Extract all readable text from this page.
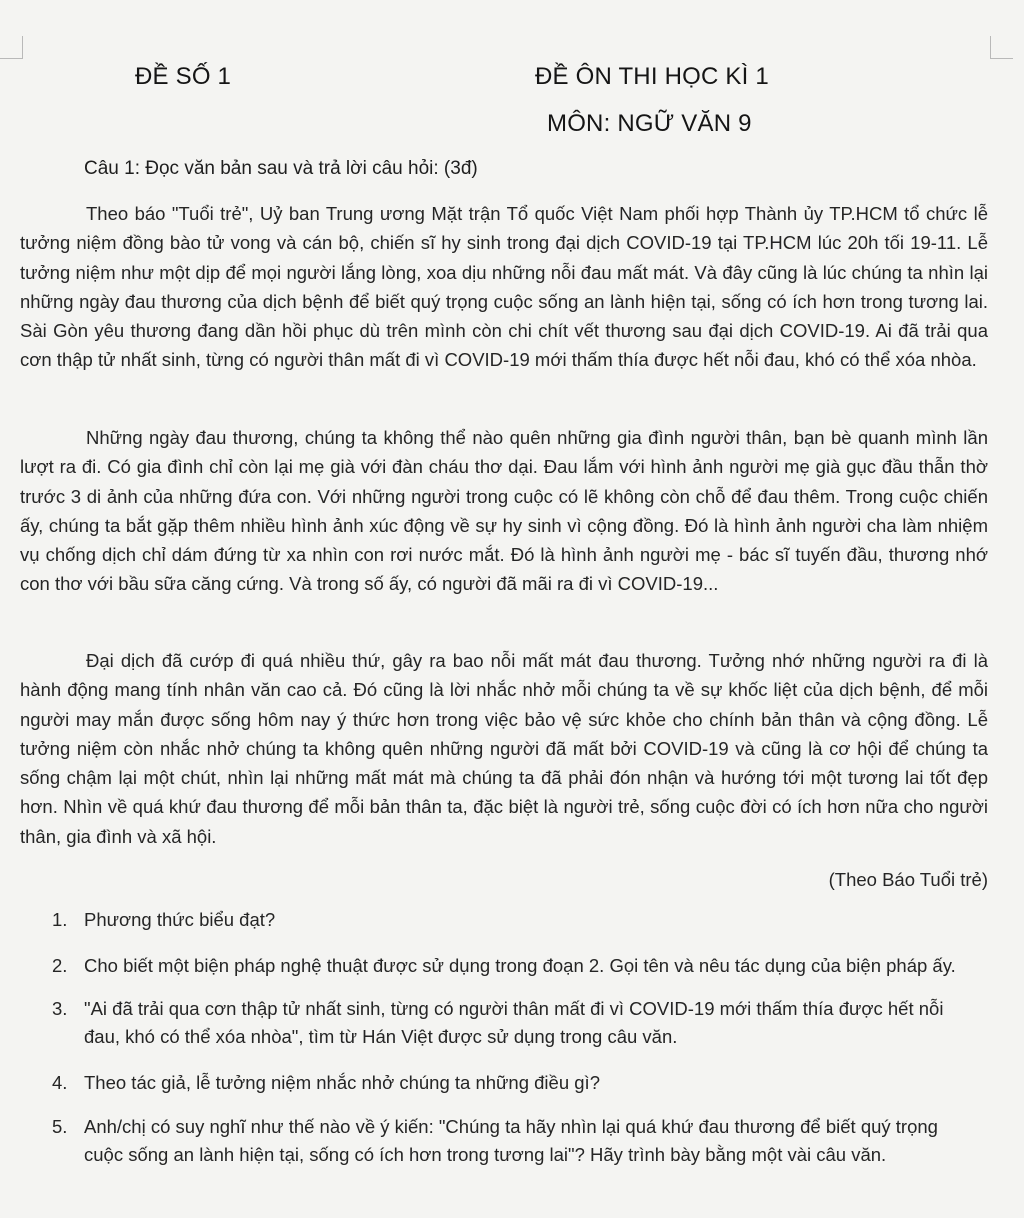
ĐỀ SỐ 1	ĐỀ ÔN THI HỌC KÌ 1
MÔN: NGỮ VĂN 9
Câu 1: Đọc văn bản sau và trả lời câu hỏi: (3đ)

Theo báo "Tuổi trẻ", Uỷ ban Trung ương Mặt trận Tổ quốc Việt Nam phối hợp Thành ủy TP.HCM tổ chức lễ tưởng niệm đồng bào tử vong và cán bộ, chiến sĩ hy sinh trong đại dịch COVID-19 tại TP.HCM lúc 20h tối 19-11. Lễ tưởng niệm như một dịp để mọi người lắng lòng, xoa dịu những nỗi đau mất mát. Và đây cũng là lúc chúng ta nhìn lại những ngày đau thương của dịch bệnh để biết quý trọng cuộc sống an lành hiện tại, sống có ích hơn trong tương lai. Sài Gòn yêu thương đang dần hồi phục dù trên mình còn chi chít vết thương sau đại dịch COVID-19. Ai đã trải qua cơn thập tử nhất sinh, từng có người thân mất đi vì COVID-19 mới thấm thía được hết nỗi đau, khó có thể xóa nhòa.

Những ngày đau thương, chúng ta không thể nào quên những gia đình người thân, bạn bè quanh mình lần lượt ra đi. Có gia đình chỉ còn lại mẹ già với đàn cháu thơ dại. Đau lắm với hình ảnh người mẹ già gục đầu thẫn thờ trước 3 di ảnh của những đứa con. Với những người trong cuộc có lẽ không còn chỗ để đau thêm. Trong cuộc chiến ấy, chúng ta bắt gặp thêm nhiều hình ảnh xúc động về sự hy sinh vì cộng đồng. Đó là hình ảnh người cha làm nhiệm vụ chống dịch chỉ dám đứng từ xa nhìn con rơi nước mắt. Đó là hình ảnh người mẹ - bác sĩ tuyến đầu, thương nhớ con thơ với bầu sữa căng cứng. Và trong số ấy, có người đã mãi ra đi vì COVID-19...

Đại dịch đã cướp đi quá nhiều thứ, gây ra bao nỗi mất mát đau thương. Tưởng nhớ những người ra đi là hành động mang tính nhân văn cao cả. Đó cũng là lời nhắc nhở mỗi chúng ta về sự khốc liệt của dịch bệnh, để mỗi người may mắn được sống hôm nay ý thức hơn trong việc bảo vệ sức khỏe cho chính bản thân và cộng đồng. Lễ tưởng niệm còn nhắc nhở chúng ta không quên những người đã mất bởi COVID-19 và cũng là cơ hội để chúng ta sống chậm lại một chút, nhìn lại những mất mát mà chúng ta đã phải đón nhận và hướng tới một tương lai tốt đẹp hơn. Nhìn về quá khứ đau thương để mỗi bản thân ta, đặc biệt là người trẻ, sống cuộc đời có ích hơn nữa cho người thân, gia đình và xã hội.

(Theo Báo Tuổi trẻ)
1. Phương thức biểu đạt?
2. Cho biết một biện pháp nghệ thuật được sử dụng trong đoạn 2. Gọi tên và nêu tác dụng của biện pháp ấy.
3. "Ai đã trải qua cơn thập tử nhất sinh, từng có người thân mất đi vì COVID-19 mới thấm thía được hết nỗi đau, khó có thể xóa nhòa", tìm từ Hán Việt được sử dụng trong câu văn.
4. Theo tác giả, lễ tưởng niệm nhắc nhở chúng ta những điều gì?
5. Anh/chị có suy nghĩ như thế nào về ý kiến: "Chúng ta hãy nhìn lại quá khứ đau thương để biết quý trọng cuộc sống an lành hiện tại, sống có ích hơn trong tương lai"? Hãy trình bày bằng một vài câu văn.
